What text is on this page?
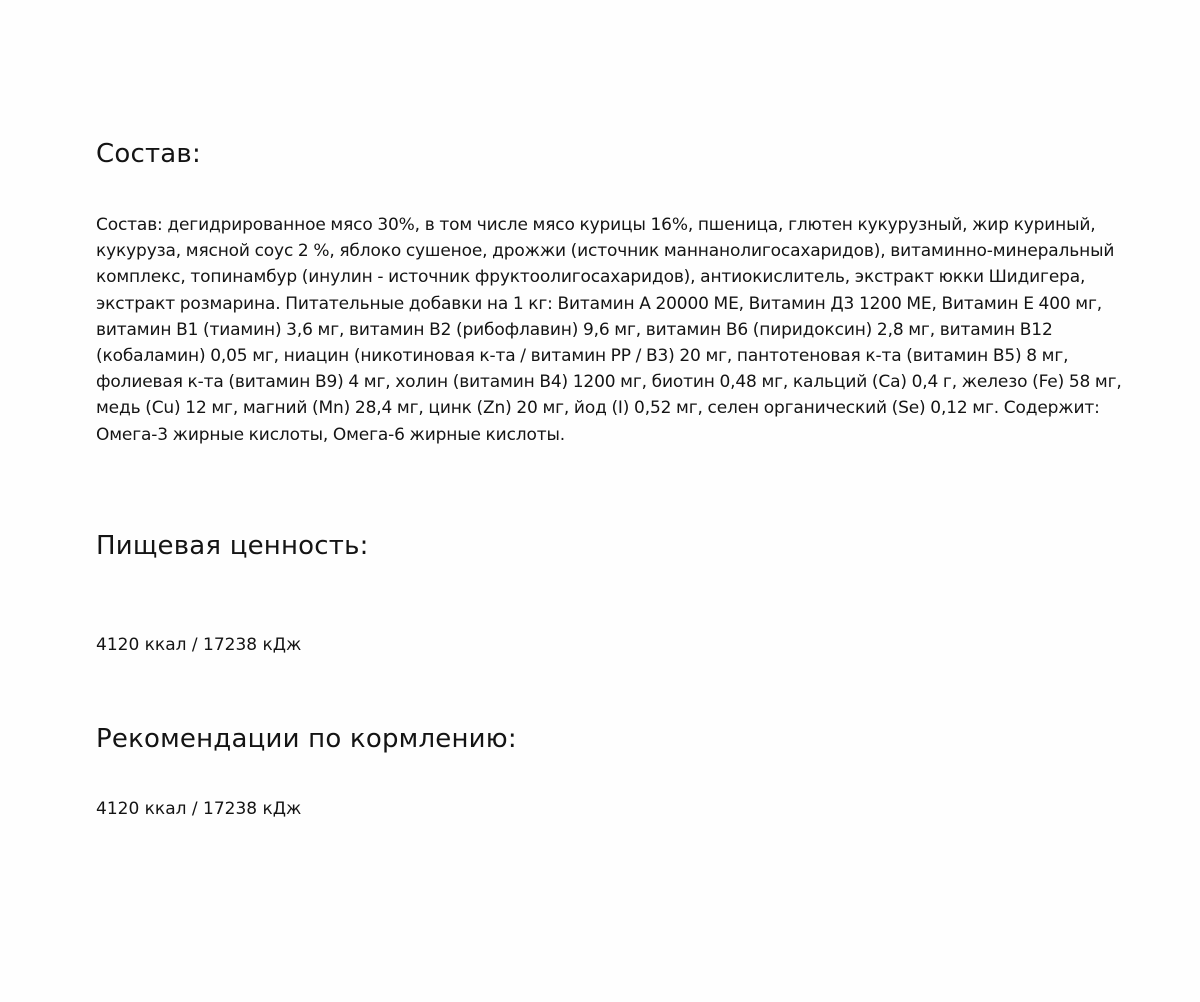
Состав:

Состав: дегидрированное мясо 30%, в том числе мясо курицы 16%, пшеница, глютен кукурузный, жир куриный, кукуруза, мясной соус 2 %, яблоко сушеное, дрожжи (источник маннанолигосахаридов), витаминно-минеральный комплекс, топинамбур (инулин - источник фруктоолигосахаридов), антиокислитель, экстракт юкки Шидигера, экстракт розмарина. Питательные добавки на 1 кг: Витамин А 20000 МЕ, Витамин Д3 1200 МЕ, Витамин Е 400 мг, витамин В1 (тиамин) 3,6 мг, витамин В2 (рибофлавин) 9,6 мг, витамин В6 (пиридоксин) 2,8 мг, витамин В12 (кобаламин) 0,05 мг, ниацин (никотиновая к-та / витамин РР / В3) 20 мг, пантотеновая к-та (витамин В5) 8 мг, фолиевая к-та (витамин В9) 4 мг, холин (витамин В4) 1200 мг, биотин 0,48 мг, кальций (Ca) 0,4 г, железо (Fe) 58 мг, медь (Cu) 12 мг, магний (Mn) 28,4 мг, цинк (Zn) 20 мг, йод (I) 0,52 мг, селен органический (Se) 0,12 мг. Содержит: Омега-3 жирные кислоты, Омега-6 жирные кислоты.

Пищевая ценность:

4120 ккал / 17238 кДж

Рекомендации по кормлению:

4120 ккал / 17238 кДж
